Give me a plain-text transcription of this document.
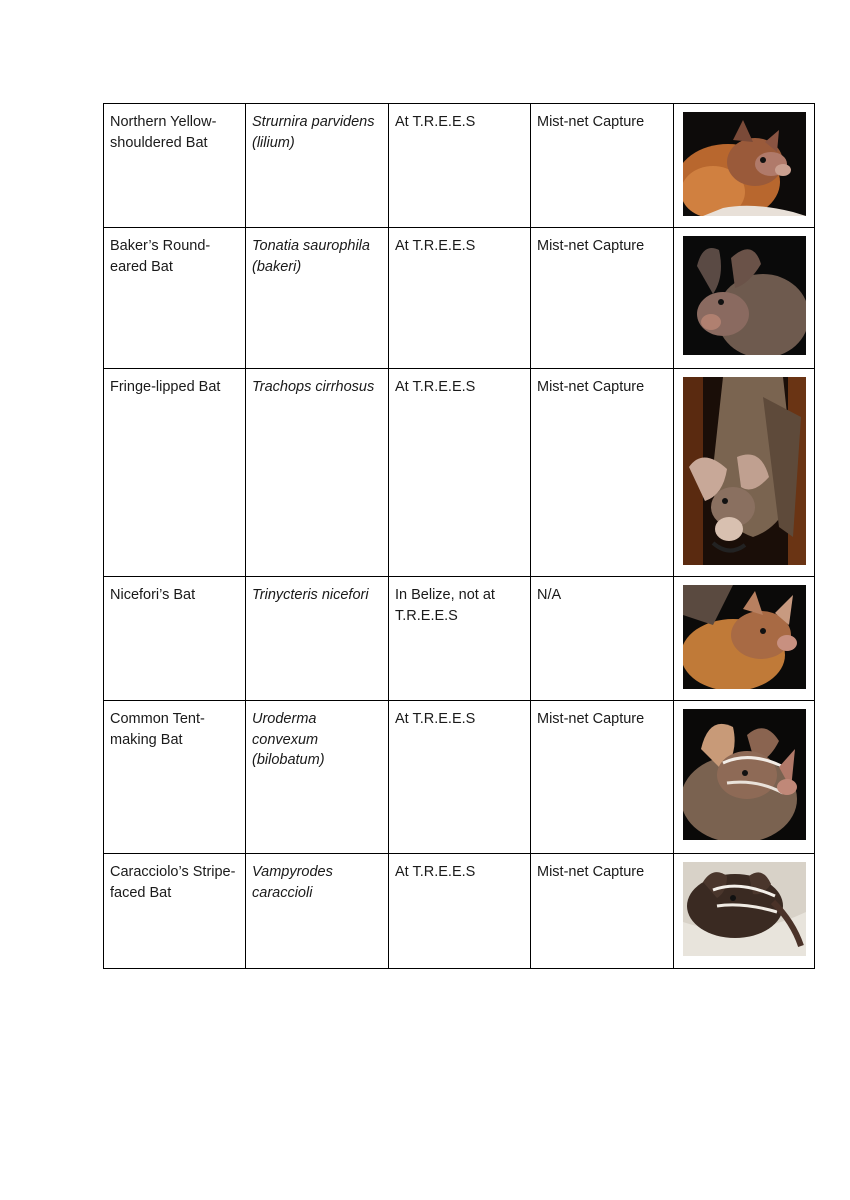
Northern Yellow-shouldered Bat	Strurnira parvidens (lilium)	At T.R.E.E.S	Mist-net Capture	

Baker’s Round-eared Bat	Tonatia saurophila (bakeri)	At T.R.E.E.S	Mist-net Capture	

Fringe-lipped Bat	Trachops cirrhosus	At T.R.E.E.S	Mist-net Capture	

Nicefori’s Bat	Trinycteris nicefori	In Belize, not at T.R.E.E.S	N/A	

Common Tent-making Bat	Uroderma convexum (bilobatum)	At T.R.E.E.S	Mist-net Capture	

Caracciolo’s Stripe-faced Bat	Vampyrodes caraccioli	At T.R.E.E.S	Mist-net Capture	
